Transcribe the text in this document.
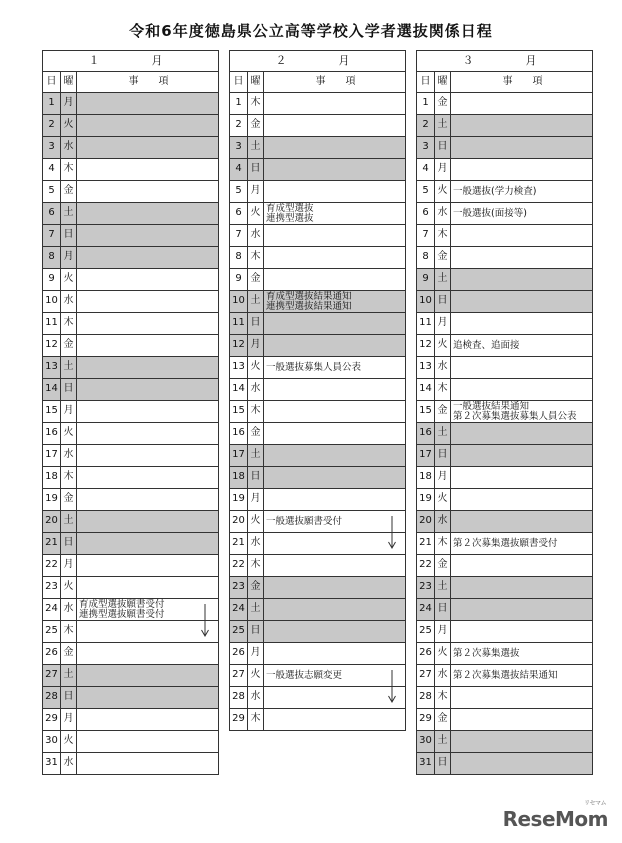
令和6年度徳島県公立高等学校入学者選抜関係日程
１　　月		
日	曜	事　　項
1	月	
2	火	
3	水	
4	木	
5	金	
6	土	
7	日	
8	月	
9	火	
10	水	
11	木	
12	金	
13	土	
14	日	
15	月	
16	火	
17	水	
18	木	
19	金	
20	土	
21	日	
22	月	
23	火	
24	水	育成型選抜願書受付
連携型選抜願書受付

25	木	
26	金	
27	土	
28	日	
29	月	
30	火	
31	水	
２　　月		
日	曜	事　　項
1	木	
2	金	
3	土	
4	日	
5	月	
6	火	育成型選抜
連携型選抜

7	水	
8	木	
9	金	
10	土	育成型選抜結果通知
連携型選抜結果通知

11	日	
12	月	
13	火	一般選抜募集人員公表

14	水	
15	木	
16	金	
17	土	
18	日	
19	月	
20	火	一般選抜願書受付

21	水	
22	木	
23	金	
24	土	
25	日	
26	月	
27	火	一般選抜志願変更

28	水	
29	木	
３　　月		
日	曜	事　　項
1	金	
2	土	
3	日	
4	月	
5	火	一般選抜(学力検査)

6	水	一般選抜(面接等)

7	木	
8	金	
9	土	
10	日	
11	月	
12	火	追検査、追面接

13	水	
14	木	
15	金	一般選抜結果通知
第２次募集選抜募集人員公表

16	土	
17	日	
18	月	
19	火	
20	水	
21	木	第２次募集選抜願書受付

22	金	
23	土	
24	日	
25	月	
26	火	第２次募集選抜

27	水	第２次募集選抜結果通知

28	木	
29	金	
30	土	
31	日	
ReseMom
リセマム
